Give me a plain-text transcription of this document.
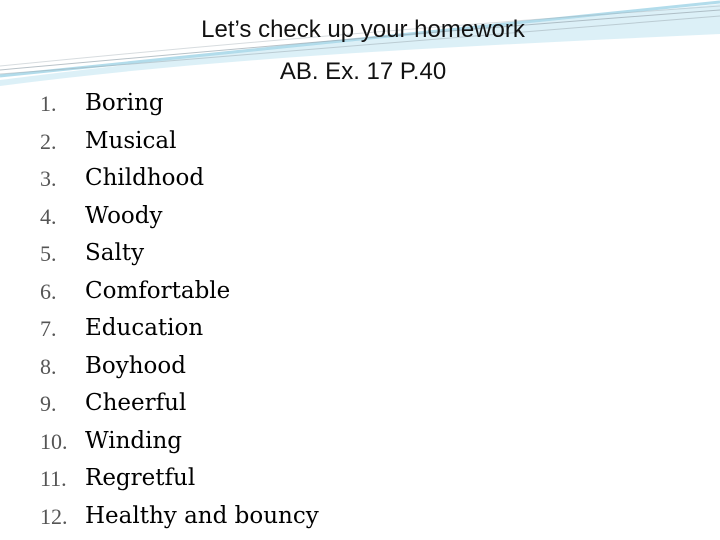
Let’s check up your homework
AB. Ex. 17 P.40
1.	Boring
2.	Musical
3.	Childhood
4.	Woody
5.	Salty
6.	Comfortable
7.	Education
8.	Boyhood
9.	Cheerful
10. Winding
11. Regretful
12. Healthy and bouncy
